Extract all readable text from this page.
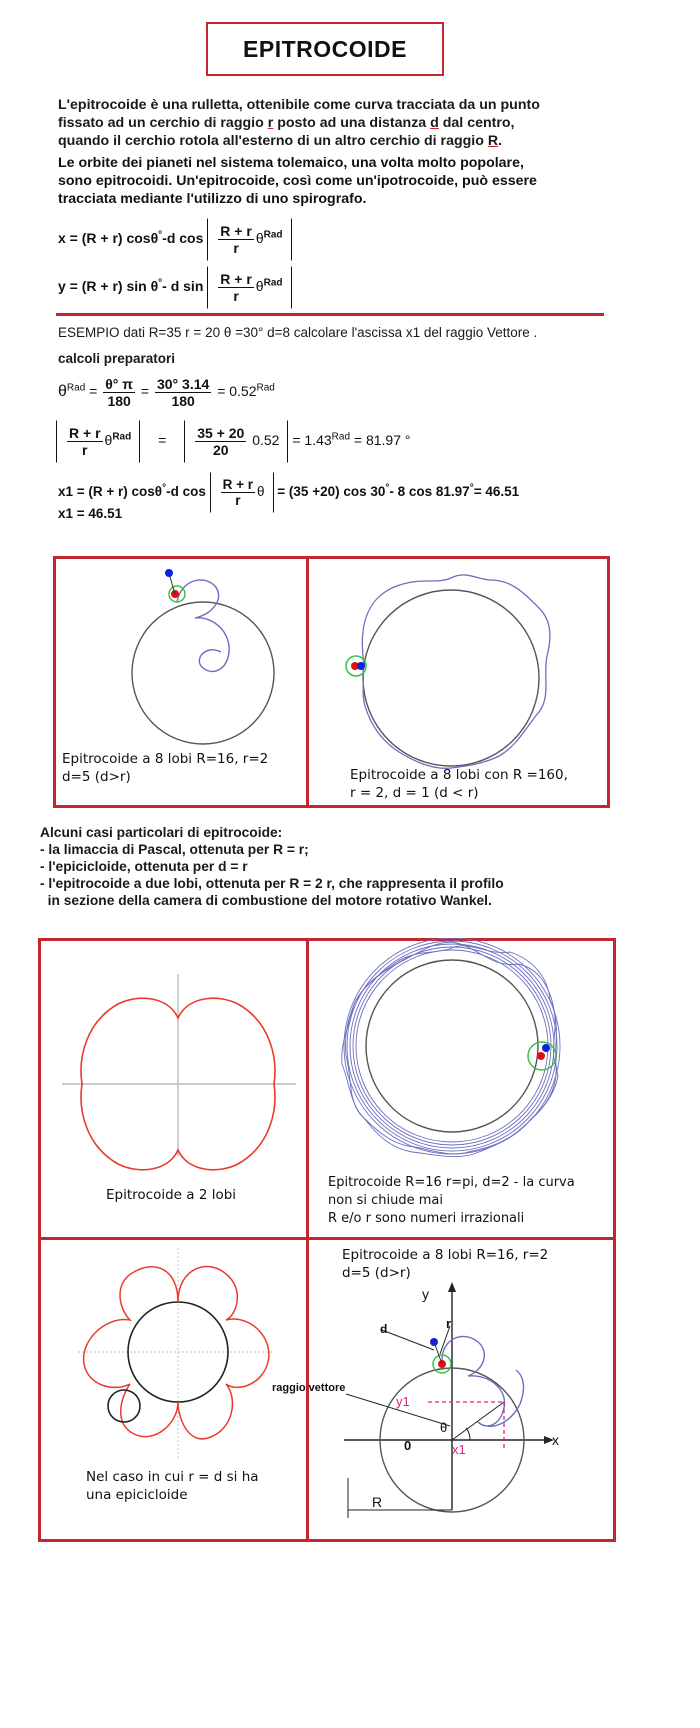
EPITROCOIDE
L'epitrocoide è una rulletta, ottenibile come curva tracciata da un punto
fissato ad un cerchio di raggio r posto ad una distanza d dal centro,
quando il cerchio rotola all'esterno di un altro cerchio di raggio R.
Le orbite dei pianeti nel sistema tolemaico, una volta molto popolare,
sono epitrocoidi. Un'epitrocoide, così come un'ipotrocoide, può essere
tracciata mediante l'utilizzo di uno spirografo.
x = (R + r) cosθ°-d $\cos \frac{R + r}{r} \theta^{Rad}$
y = (R + r) sin θ°- d $\sin \frac{R + r}{r} \theta^{Rad}$
ESEMPIO dati R=35 r = 20 θ =30° d=8 calcolare l'ascissa x1 del raggio Vettore .
calcoli preparatori
$\theta^{Rad} = \frac{\theta^\circ \pi}{180} = \frac{30^\circ 3.14}{180} = 0.52^{Rad}$
$\frac{R + r}{r} \theta^{Rad} = \frac{35 + 20}{20} 0.52 = 1.43^{Rad} = 81.97$ °
x1 = (R + r) cosθ°-d $\cos \frac{R + r}{r}$ θ = (35 +20) cos 30°- 8 cos 81.97°= 46.51
x1 = 46.51
Epitrocoide a 8 lobi R=16, r=2
d=5 (d>r)	Epitrocoide a 8 lobi con R =160,
r = 2, d = 1 (d < r)
Alcuni casi particolari di epitrocoide:
- la limaccia di Pascal, ottenuta per R = r;
- l'epicicloide, ottenuta per d = r
- l'epitrocoide a due lobi, ottenuta per R = 2 r, che rappresenta il profilo
in sezione della camera di combustione del motore rotativo Wankel.
Epitrocoide a 2 lobi
Epitrocoide R=16 r=pi, d=2 - la curva
non si chiude mai
R e/o r sono numeri irrazionali
Nel caso in cui r = d si ha
una epicicloide
Epitrocoide a 8 lobi R=16, r=2
d=5 (d>r)
y
x
r
d
raggio vettore
y1
x1
0
θ
R
